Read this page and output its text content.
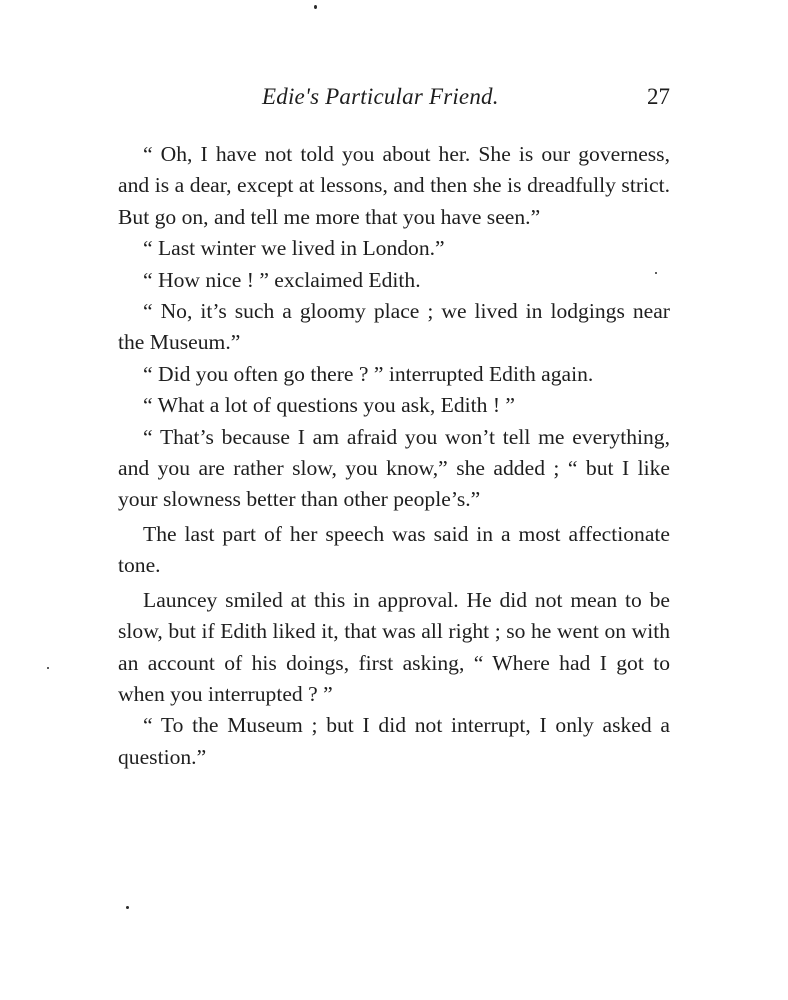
Edie's Particular Friend.	27

“ Oh, I have not told you about her. She is our governess, and is a dear, except at lessons, and then she is dreadfully strict. But go on, and tell me more that you have seen.”

“ Last winter we lived in London.”

“ How nice ! ” exclaimed Edith.

“ No, it’s such a gloomy place ; we lived in lodgings near the Museum.”

“ Did you often go there ? ” interrupted Edith again.

“ What a lot of questions you ask, Edith ! ”

“ That’s because I am afraid you won’t tell me everything, and you are rather slow, you know,” she added ; “ but I like your slowness better than other people’s.”

The last part of her speech was said in a most affectionate tone.

Launcey smiled at this in approval. He did not mean to be slow, but if Edith liked it, that was all right ; so he went on with an account of his doings, first asking, “ Where had I got to when you interrupted ? ”

“ To the Museum ; but I did not interrupt, I only asked a question.”
